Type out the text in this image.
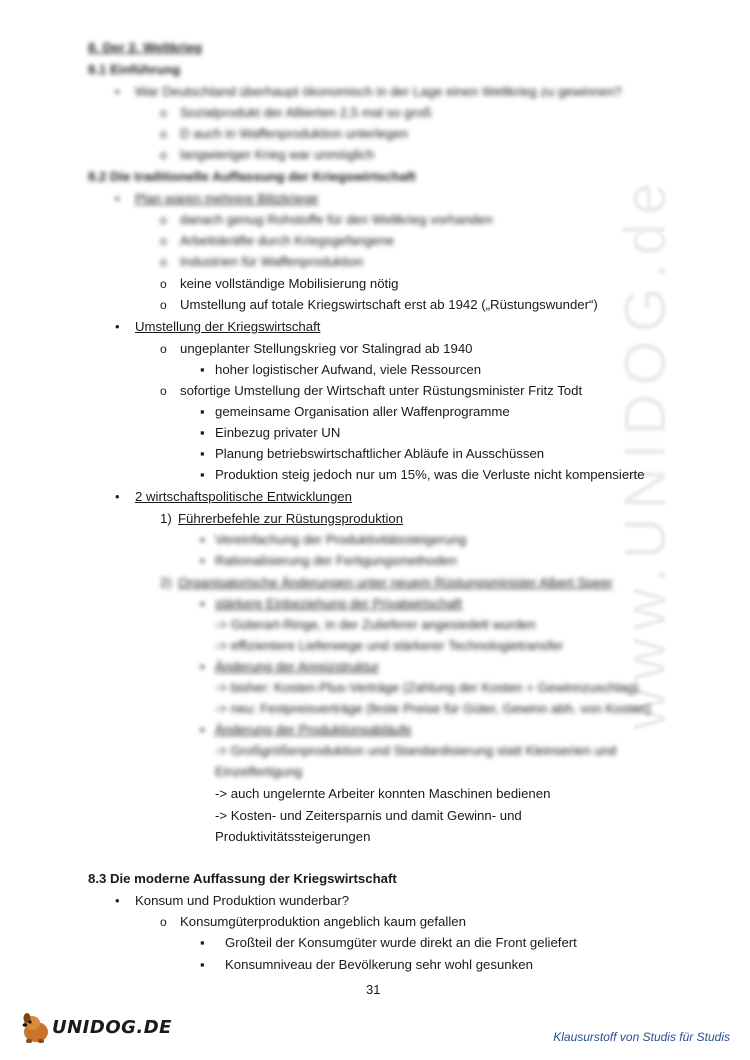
www.UNIDOG.de
8. Der 2. Weltkrieg
8.1 Einführung
•
War Deutschland überhaupt ökonomisch in der Lage einen Weltkrieg zu gewinnen?
o
Sozialprodukt der Alliierten 2,5 mal so groß
o
D auch in Waffenproduktion unterlegen
o
langwieriger Krieg war unmöglich
8.2 Die traditionelle Auffassung der Kriegswirtschaft
•
Plan waren mehrere Blitzkriege
o
danach genug Rohstoffe für den Weltkrieg vorhanden
o
Arbeitskräfte durch Kriegsgefangene
o
Industrien für Waffenproduktion
o
keine vollständige Mobilisierung nötig
o
Umstellung auf totale Kriegswirtschaft erst ab 1942 („Rüstungswunder“)
•
Umstellung der Kriegswirtschaft
o
ungeplanter Stellungskrieg vor Stalingrad ab 1940
▪
hoher logistischer Aufwand, viele Ressourcen
o
sofortige Umstellung der Wirtschaft unter Rüstungsminister Fritz Todt
▪
gemeinsame Organisation aller Waffenprogramme
▪
Einbezug privater UN
▪
Planung betriebswirtschaftlicher Abläufe in Ausschüssen
▪
Produktion steig jedoch nur um 15%, was die Verluste nicht kompensierte
•
2 wirtschaftspolitische Entwicklungen
1) Führerbefehle zur Rüstungsproduktion
▪
Vereinfachung der Produktivitätssteigerung
▪
Rationalisierung der Fertigungsmethoden
2) Organisatorische Änderungen unter neuem Rüstungsminister Albert Speer
▪
stärkere Einbeziehung der Privatwirtschaft
-> Güterart-Ringe, in der Zulieferer angesiedelt wurden
-> effizientere Lieferwege und stärkerer Technologietransfer
▪
Änderung der Anreizstruktur
-> bisher: Kosten-Plus-Verträge (Zahlung der Kosten + Gewinnzuschlag)
-> neu: Festpreisverträge (feste Preise für Güter, Gewinn abh. von Kosten)
▪
Änderung der Produktionsabläufe
-> Großgrößenproduktion und Standardisierung statt Kleinserien und
Einzelfertigung
-> auch ungelernte Arbeiter konnten Maschinen bedienen
-> Kosten- und Zeitersparnis und damit Gewinn- und
Produktivitätssteigerungen
8.3 Die moderne Auffassung der Kriegswirtschaft
•
Konsum und Produktion wunderbar?
o
Konsumgüterproduktion angeblich kaum gefallen
▪
Großteil der Konsumgüter wurde direkt an die Front geliefert
▪
Konsumniveau der Bevölkerung sehr wohl gesunken
31
UNIDOG.DE	Klausurstoff von Studis für Studis
